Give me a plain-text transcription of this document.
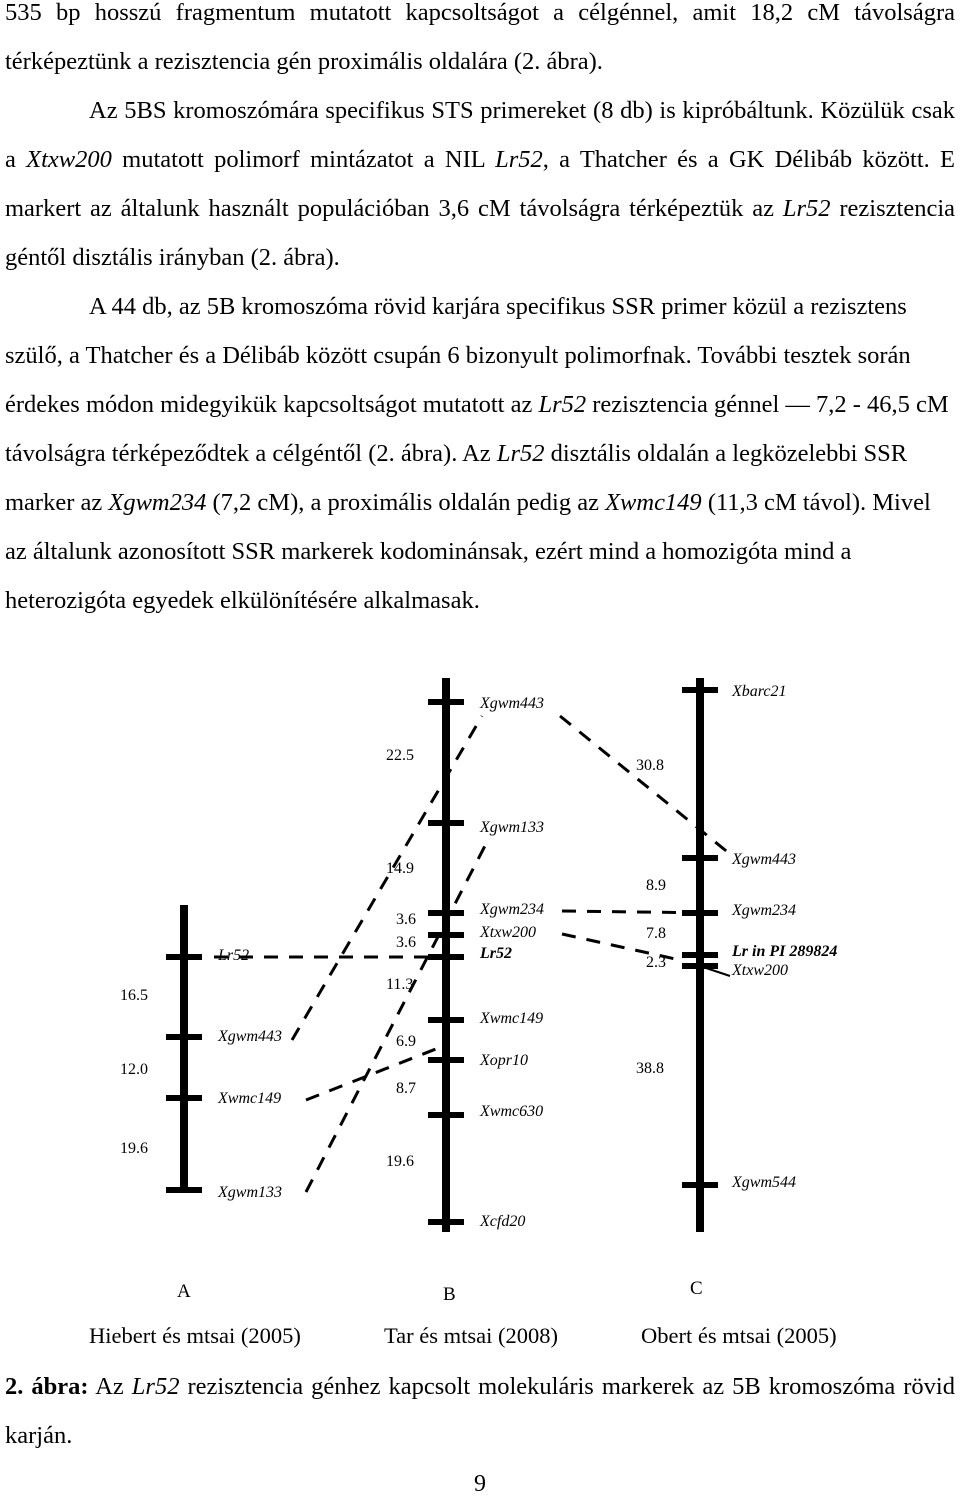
535 bp hosszú fragmentum mutatott kapcsoltságot a célgénnel, amit 18,2 cM távolságra térképeztünk a rezisztencia gén proximális oldalára (2. ábra).

Az 5BS kromoszómára specifikus STS primereket (8 db) is kipróbáltunk. Közülük csak a Xtxw200 mutatott polimorf mintázatot a NIL Lr52, a Thatcher és a GK Délibáb között. E markert az általunk használt populációban 3,6 cM távolságra térképeztük az Lr52 rezisztencia géntől disztális irányban (2. ábra).

A 44 db, az 5B kromoszóma rövid karjára specifikus SSR primer közül a rezisztens szülő, a Thatcher és a Délibáb között csupán 6 bizonyult polimorfnak. További tesztek során érdekes módon midegyikük kapcsoltságot mutatott az Lr52 rezisztencia génnel — 7,2 - 46,5 cM távolságra térképeződtek a célgéntől (2. ábra). Az Lr52 disztális oldalán a legközelebbi SSR marker az Xgwm234 (7,2 cM), a proximális oldalán pedig az Xwmc149 (11,3 cM távol). Mivel az általunk azonosított SSR markerek kodominánsak, ezért mind a homozigóta mind a heterozigóta egyedek elkülönítésére alkalmasak.

Lr52
Xgwm443
Xwmc149
Xgwm133
16.5
12.0
19.6
Xgwm443
Xgwm133
Xgwm234
Xtxw200
Lr52
Xwmc149
Xopr10
Xwmc630
Xcfd20
22.5
14.9
3.6
3.6
11.3
6.9
8.7
19.6
Xbarc21
Xgwm443
Xgwm234
Lr in PI 289824
Xtxw200
Xgwm544
30.8
8.9
7.8
2.3
38.8
A	B	C
Hiebert és mtsai (2005)	Tar és mtsai (2008)	Obert és mtsai (2005)
2. ábra: Az Lr52 rezisztencia génhez kapcsolt molekuláris markerek az 5B kromoszóma rövid karján.
9
